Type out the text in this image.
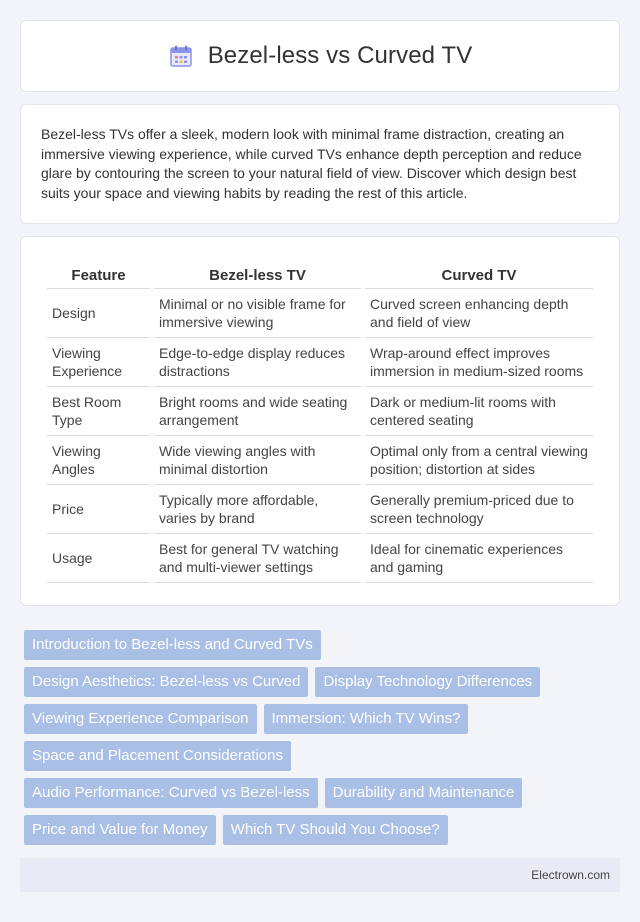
Bezel-less vs Curved TV

Bezel-less TVs offer a sleek, modern look with minimal frame distraction, creating an immersive viewing experience, while curved TVs enhance depth perception and reduce glare by contouring the screen to your natural field of view. Discover which design best suits your space and viewing habits by reading the rest of this article.

Feature	Bezel-less TV	Curved TV
Design	Minimal or no visible frame for immersive viewing	Curved screen enhancing depth and field of view
Viewing Experience	Edge-to-edge display reduces distractions	Wrap-around effect improves immersion in medium-sized rooms
Best Room Type	Bright rooms and wide seating arrangement	Dark or medium-lit rooms with centered seating
Viewing Angles	Wide viewing angles with minimal distortion	Optimal only from a central viewing position; distortion at sides
Price	Typically more affordable, varies by brand	Generally premium-priced due to screen technology
Usage	Best for general TV watching and multi-viewer settings	Ideal for cinematic experiences and gaming
Introduction to Bezel-less and Curved TVs
Design Aesthetics: Bezel-less vs Curved	Display Technology Differences
Viewing Experience Comparison	Immersion: Which TV Wins?
Space and Placement Considerations
Audio Performance: Curved vs Bezel-less	Durability and Maintenance
Price and Value for Money	Which TV Should You Choose?
Electrown.com
